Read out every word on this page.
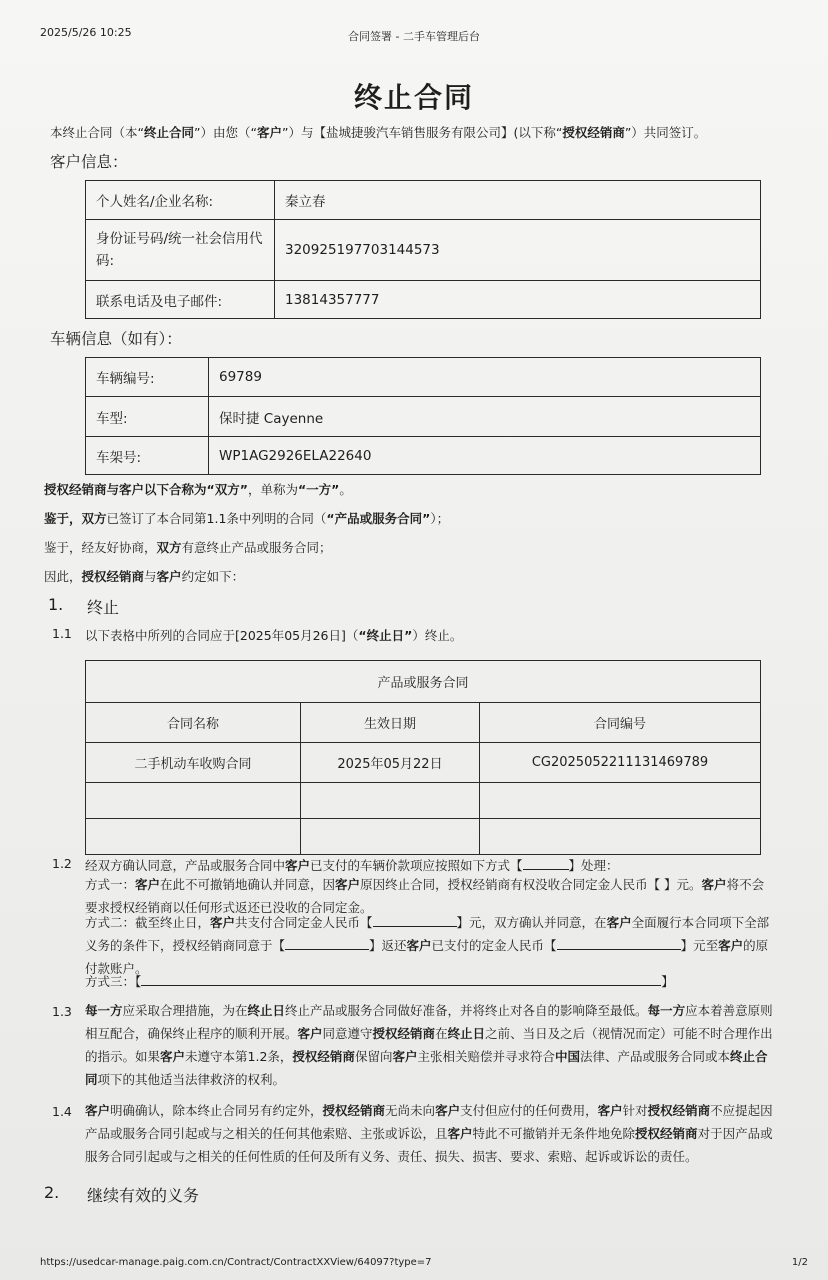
2025/5/26 10:25	合同签署 - 二手车管理后台
终止合同
本终止合同（本“终止合同”）由您（“客户”）与【盐城捷骏汽车销售服务有限公司】(以下称“授权经销商”）共同签订。
客户信息：
个人姓名/企业名称:	秦立春
身份证号码/统一社会信用代码:	320925197703144573
联系电话及电子邮件:	13814357777
车辆信息（如有）：
车辆编号:	69789
车型:	保时捷 Cayenne
车架号:	WP1AG2926ELA22640
授权经销商与客户以下合称为“双方”，单称为“一方”。
鉴于，双方已签订了本合同第1.1条中列明的合同（“产品或服务合同”）；
鉴于，经友好协商，双方有意终止产品或服务合同；
因此，授权经销商与客户约定如下：
1. 终止
1.1 以下表格中所列的合同应于[2025年05月26日]（“终止日”）终止。
产品或服务合同		
合同名称	生效日期	合同编号
二手机动车收购合同	2025年05月22日	CG2025052211131469789

1.2 经双方确认同意，产品或服务合同中客户已支付的车辆价款项应按照如下方式【	】处理：
方式一：客户在此不可撤销地确认并同意，因客户原因终止合同，授权经销商有权没收合同定金人民币【 】元。客户将不会要求授权经销商以任何形式返还已没收的合同定金。
方式二：截至终止日，客户共支付合同定金人民币【	】元，双方确认并同意，在客户全面履行本合同项下全部义务的条件下，授权经销商同意于【	】返还客户已支付的定金人民币【	】元至客户的原付款账户。
方式三：【	】
1.3 每一方应采取合理措施，为在终止日终止产品或服务合同做好准备，并将终止对各自的影响降至最低。每一方应本着善意原则相互配合，确保终止程序的顺利开展。客户同意遵守授权经销商在终止日之前、当日及之后（视情况而定）可能不时合理作出的指示。如果客户未遵守本第1.2条，授权经销商保留向客户主张相关赔偿并寻求符合中国法律、产品或服务合同或本终止合同项下的其他适当法律救济的权利。
1.4 客户明确确认，除本终止合同另有约定外，授权经销商无尚未向客户支付但应付的任何费用，客户针对授权经销商不应提起因产品或服务合同引起或与之相关的任何其他索赔、主张或诉讼，且客户特此不可撤销并无条件地免除授权经销商对于因产品或服务合同引起或与之相关的任何性质的任何及所有义务、责任、损失、损害、要求、索赔、起诉或诉讼的责任。
2. 继续有效的义务
https://usedcar-manage.paig.com.cn/Contract/ContractXXView/64097?type=7	1/2
